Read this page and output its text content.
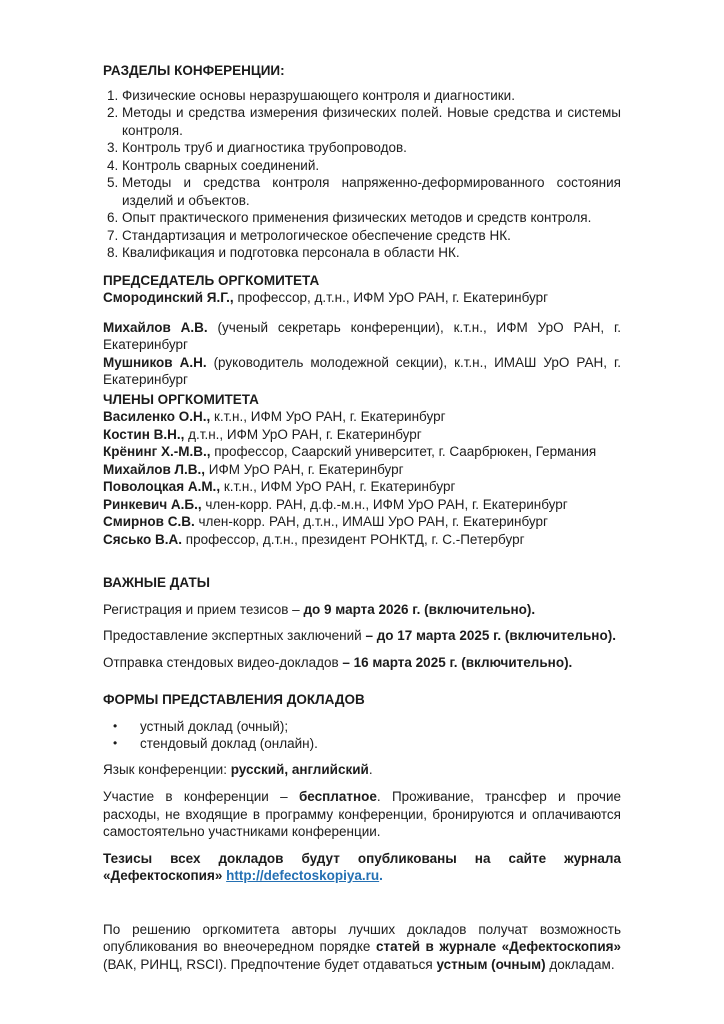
РАЗДЕЛЫ КОНФЕРЕНЦИИ:
1. Физические основы неразрушающего контроля и диагностики.
2. Методы и средства измерения физических полей. Новые средства и системы контроля.
3. Контроль труб и диагностика трубопроводов.
4. Контроль сварных соединений.
5. Методы и средства контроля напряженно-деформированного состояния изделий и объектов.
6. Опыт практического применения физических методов и средств контроля.
7. Стандартизация и метрологическое обеспечение средств НК.
8. Квалификация и подготовка персонала в области НК.
ПРЕДСЕДАТЕЛЬ ОРГКОМИТЕТА

Смородинский Я.Г., профессор, д.т.н., ИФМ УрО РАН, г. Екатеринбург

Михайлов А.В. (ученый секретарь конференции), к.т.н., ИФМ УрО РАН, г. Екатеринбург

Мушников А.Н. (руководитель молодежной секции), к.т.н., ИМАШ УрО РАН, г. Екатеринбург

ЧЛЕНЫ ОРГКОМИТЕТА

Василенко О.Н., к.т.н., ИФМ УрО РАН, г. Екатеринбург

Костин В.Н., д.т.н., ИФМ УрО РАН, г. Екатеринбург

Крёнинг Х.-М.В., профессор, Саарский университет, г. Саарбрюкен, Германия

Михайлов Л.В., ИФМ УрО РАН, г. Екатеринбург

Поволоцкая А.М., к.т.н., ИФМ УрО РАН, г. Екатеринбург

Ринкевич А.Б., член-корр. РАН, д.ф.-м.н., ИФМ УрО РАН, г. Екатеринбург

Смирнов С.В. член-корр. РАН, д.т.н., ИМАШ УрО РАН, г. Екатеринбург

Сясько В.А. профессор, д.т.н., президент РОНКТД, г. С.-Петербург

ВАЖНЫЕ ДАТЫ

Регистрация и прием тезисов – до 9 марта 2026 г. (включительно).

Предоставление экспертных заключений – до 17 марта 2025 г. (включительно).

Отправка стендовых видео-докладов – 16 марта 2025 г. (включительно).

ФОРМЫ ПРЕДСТАВЛЕНИЯ ДОКЛАДОВ
• устный доклад (очный);
• стендовый доклад (онлайн).

Язык конференции: русский, английский.

Участие в конференции – бесплатное. Проживание, трансфер и прочие расходы, не входящие в программу конференции, бронируются и оплачиваются самостоятельно участниками конференции.

Тезисы всех докладов будут опубликованы на сайте журнала «Дефектоскопия» http://defectoskopiya.ru.

По решению оргкомитета авторы лучших докладов получат возможность опубликования во внеочередном порядке статей в журнале «Дефектоскопия» (ВАК, РИНЦ, RSCI). Предпочтение будет отдаваться устным (очным) докладам.
